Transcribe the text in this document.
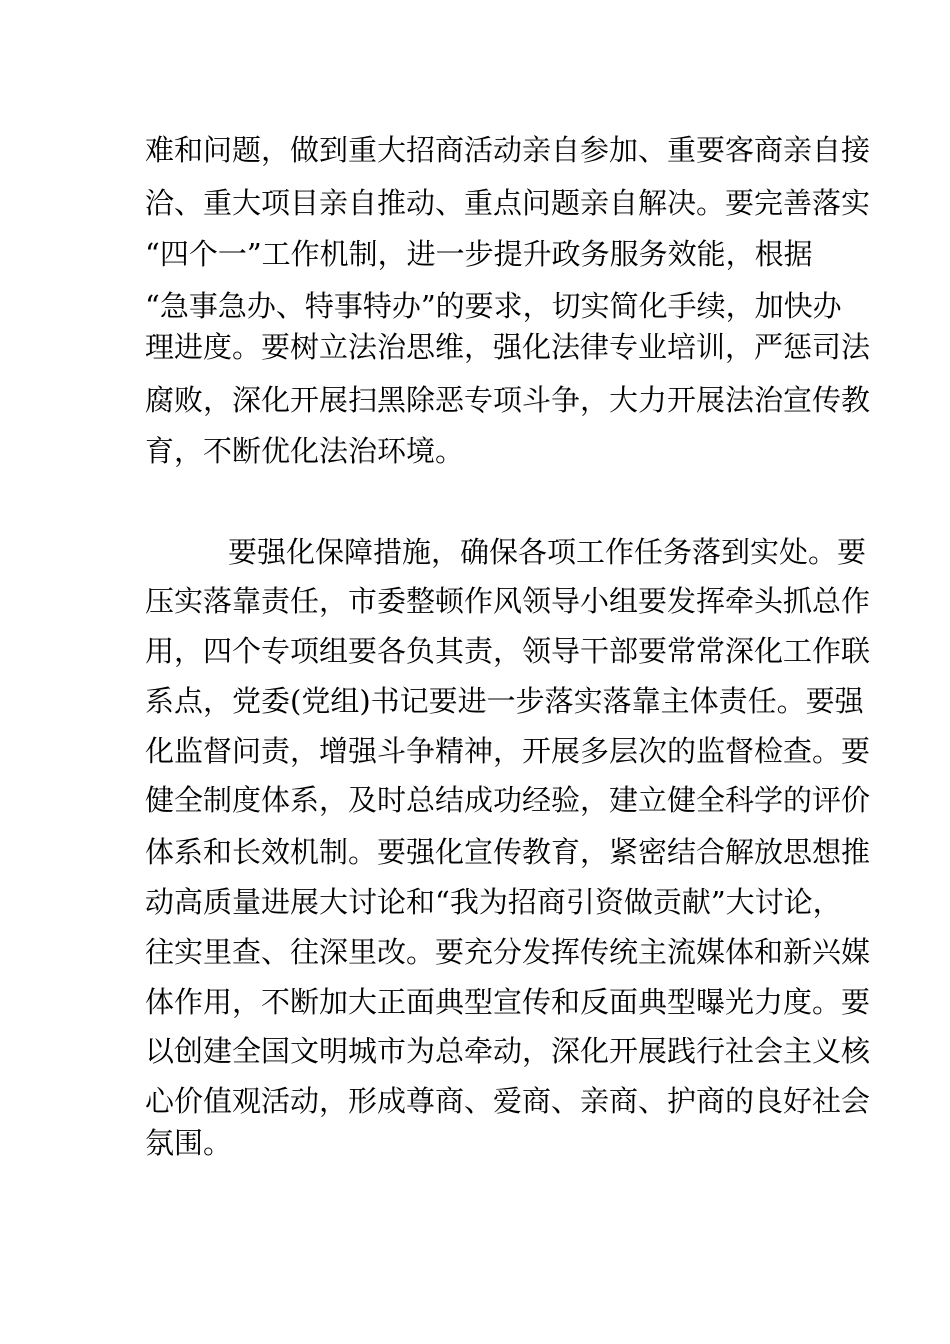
难和问题，做到重大招商活动亲自参加、重要客商亲自接
洽、重大项目亲自推动、重点问题亲自解决。要完善落实
“四个一”工作机制，进一步提升政务服务效能，根据
“急事急办、特事特办”的要求，切实简化手续，加快办
理进度。要树立法治思维，强化法律专业培训，严惩司法
腐败，深化开展扫黑除恶专项斗争，大力开展法治宣传教
育，不断优化法治环境。
要强化保障措施，确保各项工作任务落到实处。要
压实落靠责任，市委整顿作风领导小组要发挥牵头抓总作
用，四个专项组要各负其责，领导干部要常常深化工作联
系点，党委(党组)书记要进一步落实落靠主体责任。要强
化监督问责，增强斗争精神，开展多层次的监督检查。要
健全制度体系，及时总结成功经验，建立健全科学的评价
体系和长效机制。要强化宣传教育，紧密结合解放思想推
动高质量进展大讨论和“我为招商引资做贡献”大讨论，
往实里查、往深里改。要充分发挥传统主流媒体和新兴媒
体作用，不断加大正面典型宣传和反面典型曝光力度。要
以创建全国文明城市为总牵动，深化开展践行社会主义核
心价值观活动，形成尊商、爱商、亲商、护商的良好社会
氛围。
